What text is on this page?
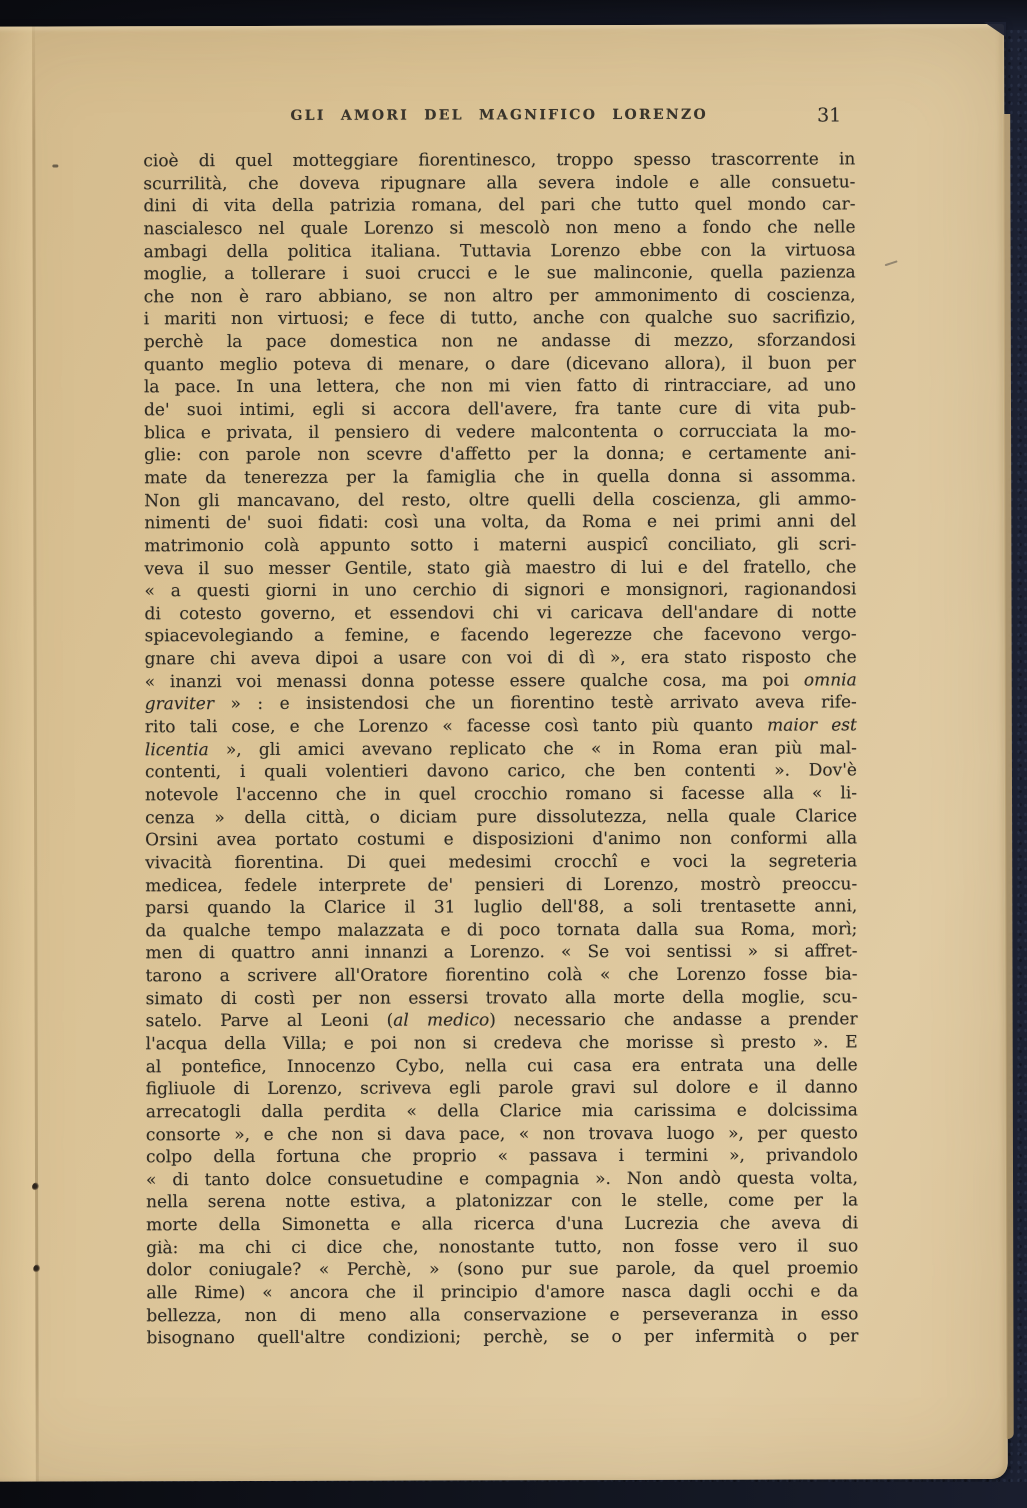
GLI AMORI DEL MAGNIFICO LORENZO	31
cioè di quel motteggiare fiorentinesco, troppo spesso trascorrente in
scurrilità, che doveva ripugnare alla severa indole e alle consuetu-
dini di vita della patrizia romana, del pari che tutto quel mondo car-
nascialesco nel quale Lorenzo si mescolò non meno a fondo che nelle
ambagi della politica italiana. Tuttavia Lorenzo ebbe con la virtuosa
moglie, a tollerare i suoi crucci e le sue malinconie, quella pazienza
che non è raro abbiano, se non altro per ammonimento di coscienza,
i mariti non virtuosi; e fece di tutto, anche con qualche suo sacrifizio,
perchè la pace domestica non ne andasse di mezzo, sforzandosi
quanto meglio poteva di menare, o dare (dicevano allora), il buon per
la pace. In una lettera, che non mi vien fatto di rintracciare, ad uno
de' suoi intimi, egli si accora dell'avere, fra tante cure di vita pub-
blica e privata, il pensiero di vedere malcontenta o corrucciata la mo-
glie: con parole non scevre d'affetto per la donna; e certamente ani-
mate da tenerezza per la famiglia che in quella donna si assomma.
Non gli mancavano, del resto, oltre quelli della coscienza, gli ammo-
nimenti de' suoi fidati: così una volta, da Roma e nei primi anni del
matrimonio colà appunto sotto i materni auspicî conciliato, gli scri-
veva il suo messer Gentile, stato già maestro di lui e del fratello, che
« a questi giorni in uno cerchio di signori e monsignori, ragionandosi
di cotesto governo, et essendovi chi vi caricava dell'andare di notte
spiacevolegiando a femine, e facendo legerezze che facevono vergo-
gnare chi aveva dipoi a usare con voi di dì », era stato risposto che
« inanzi voi menassi donna potesse essere qualche cosa, ma poi omnia
graviter » : e insistendosi che un fiorentino testè arrivato aveva rife-
rito tali cose, e che Lorenzo « facesse così tanto più quanto maior est
licentia », gli amici avevano replicato che « in Roma eran più mal-
contenti, i quali volentieri davono carico, che ben contenti ». Dov'è
notevole l'accenno che in quel crocchio romano si facesse alla « li-
cenza » della città, o diciam pure dissolutezza, nella quale Clarice
Orsini avea portato costumi e disposizioni d'animo non conformi alla
vivacità fiorentina. Di quei medesimi crocchî e voci la segreteria
medicea, fedele interprete de' pensieri di Lorenzo, mostrò preoccu-
parsi quando la Clarice il 31 luglio dell'88, a soli trentasette anni,
da qualche tempo malazzata e di poco tornata dalla sua Roma, morì;
men di quattro anni innanzi a Lorenzo. « Se voi sentissi » si affret-
tarono a scrivere all'Oratore fiorentino colà « che Lorenzo fosse bia-
simato di costì per non essersi trovato alla morte della moglie, scu-
satelo. Parve al Leoni (al medico) necessario che andasse a prender
l'acqua della Villa; e poi non si credeva che morisse sì presto ». E
al pontefice, Innocenzo Cybo, nella cui casa era entrata una delle
figliuole di Lorenzo, scriveva egli parole gravi sul dolore e il danno
arrecatogli dalla perdita « della Clarice mia carissima e dolcissima
consorte », e che non si dava pace, « non trovava luogo », per questo
colpo della fortuna che proprio « passava i termini », privandolo
« di tanto dolce consuetudine e compagnia ». Non andò questa volta,
nella serena notte estiva, a platonizzar con le stelle, come per la
morte della Simonetta e alla ricerca d'una Lucrezia che aveva di
già: ma chi ci dice che, nonostante tutto, non fosse vero il suo
dolor coniugale? « Perchè, » (sono pur sue parole, da quel proemio
alle Rime) « ancora che il principio d'amore nasca dagli occhi e da
bellezza, non di meno alla conservazione e perseveranza in esso
bisognano quell'altre condizioni; perchè, se o per infermità o per
